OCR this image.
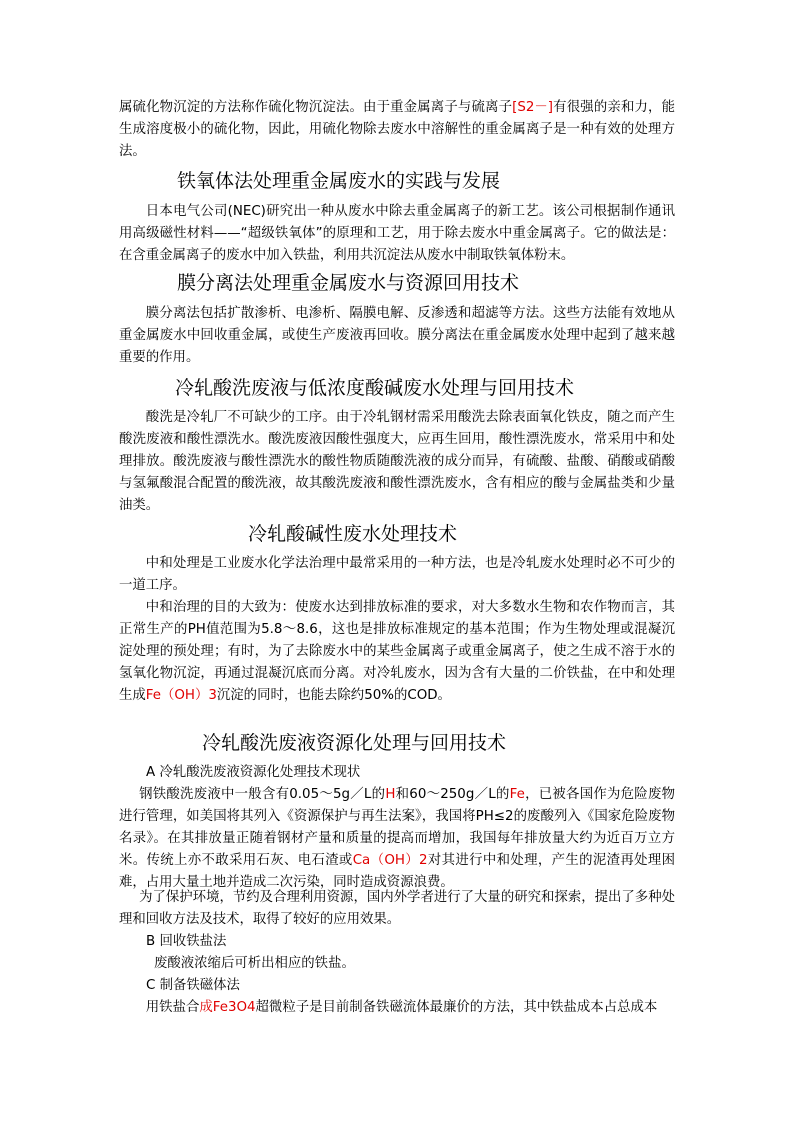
属硫化物沉淀的方法称作硫化物沉淀法。由于重金属离子与硫离子[S2－]有很强的亲和力，能生成溶度极小的硫化物，因此，用硫化物除去废水中溶解性的重金属离子是一种有效的处理方法。

铁氧体法处理重金属废水的实践与发展

日本电气公司(NEC)研究出一种从废水中除去重金属离子的新工艺。该公司根据制作通讯用高级磁性材料——“超级铁氧体”的原理和工艺，用于除去废水中重金属离子。它的做法是：在含重金属离子的废水中加入铁盐，利用共沉淀法从废水中制取铁氧体粉末。

膜分离法处理重金属废水与资源回用技术

膜分离法包括扩散渗析、电渗析、隔膜电解、反渗透和超滤等方法。这些方法能有效地从重金属废水中回收重金属，或使生产废液再回收。膜分离法在重金属废水处理中起到了越来越重要的作用。

冷轧酸洗废液与低浓度酸碱废水处理与回用技术

酸洗是冷轧厂不可缺少的工序。由于冷轧钢材需采用酸洗去除表面氧化铁皮，随之而产生酸洗废液和酸性漂洗水。酸洗废液因酸性强度大，应再生回用，酸性漂洗废水，常采用中和处理排放。酸洗废液与酸性漂洗水的酸性物质随酸洗液的成分而异，有硫酸、盐酸、硝酸或硝酸与氢氟酸混合配置的酸洗液，故其酸洗废液和酸性漂洗废水，含有相应的酸与金属盐类和少量油类。

冷轧酸碱性废水处理技术

中和处理是工业废水化学法治理中最常采用的一种方法，也是冷轧废水处理时必不可少的一道工序。

中和治理的目的大致为：使废水达到排放标准的要求，对大多数水生物和农作物而言，其正常生产的PH值范围为5.8～8.6，这也是排放标准规定的基本范围；作为生物处理或混凝沉淀处理的预处理；有时，为了去除废水中的某些金属离子或重金属离子，使之生成不溶于水的氢氧化物沉淀，再通过混凝沉底而分离。对冷轧废水，因为含有大量的二价铁盐，在中和处理生成Fe（OH）3沉淀的同时，也能去除约50%的COD。

冷轧酸洗废液资源化处理与回用技术

A 冷轧酸洗废液资源化处理技术现状

钢铁酸洗废液中一般含有0.05～5g／L的H和60～250g／L的Fe，已被各国作为危险废物进行管理，如美国将其列入《资源保护与再生法案》，我国将PH≤2的废酸列入《国家危险废物名录》。在其排放量正随着钢材产量和质量的提高而增加，我国每年排放量大约为近百万立方米。传统上亦不敢采用石灰、电石渣或Ca（OH）2对其进行中和处理，产生的泥渣再处理困难，占用大量土地并造成二次污染，同时造成资源浪费。

为了保护环境，节约及合理利用资源，国内外学者进行了大量的研究和探索，提出了多种处理和回收方法及技术，取得了较好的应用效果。

B 回收铁盐法

废酸液浓缩后可析出相应的铁盐。

C 制备铁磁体法

用铁盐合成Fe3O4超微粒子是目前制备铁磁流体最廉价的方法，其中铁盐成本占总成本
